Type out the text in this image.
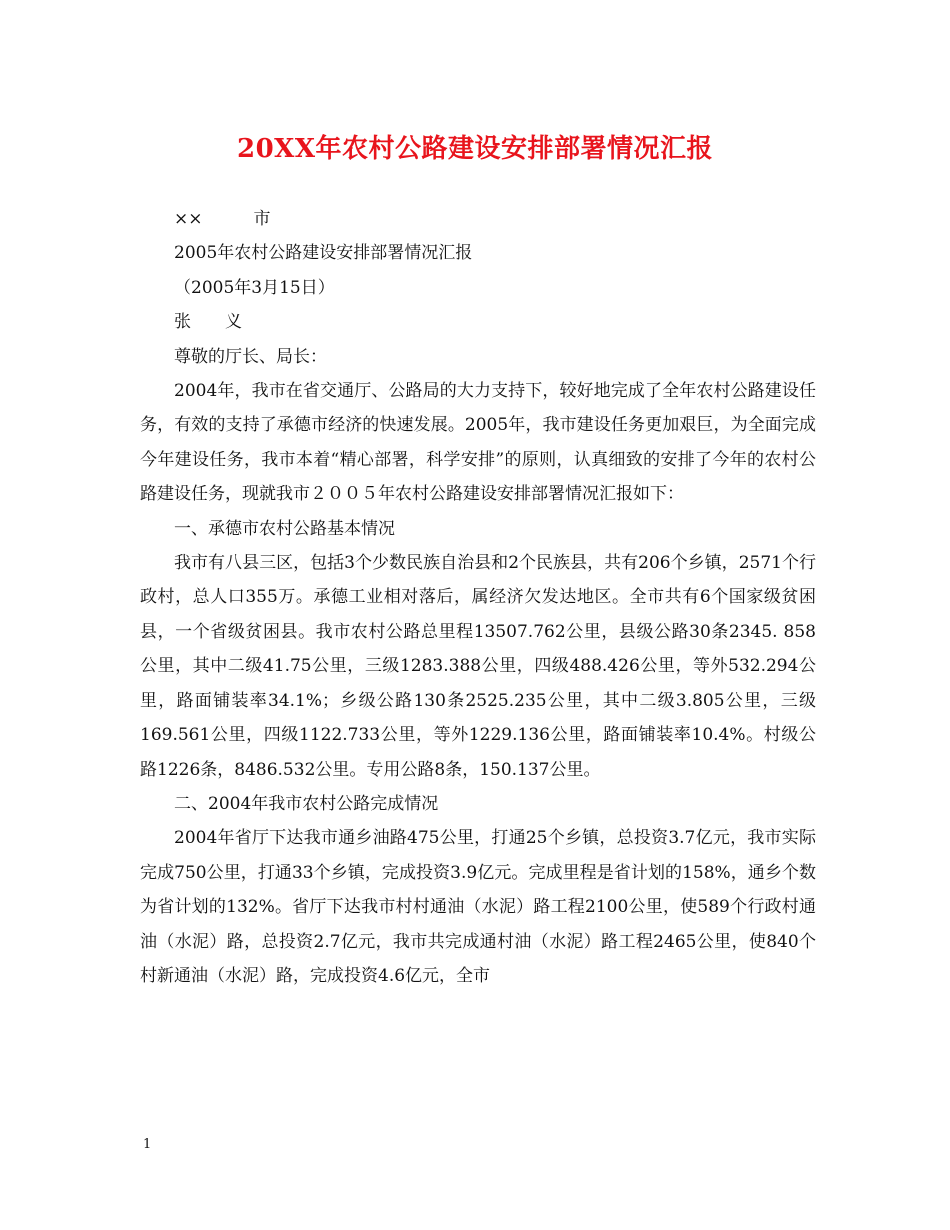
20XX年农村公路建设安排部署情况汇报

××　　　市

2005年农村公路建设安排部署情况汇报

（2005年3月15日）

张　　义

尊敬的厅长、局长：

2004年，我市在省交通厅、公路局的大力支持下，较好地完成了全年农村公路建设任务，有效的支持了承德市经济的快速发展。2005年，我市建设任务更加艰巨，为全面完成今年建设任务，我市本着“精心部署，科学安排”的原则，认真细致的安排了今年的农村公路建设任务，现就我市２００５年农村公路建设安排部署情况汇报如下：

一、承德市农村公路基本情况

我市有八县三区，包括3个少数民族自治县和2个民族县，共有206个乡镇，2571个行政村，总人口355万。承德工业相对落后，属经济欠发达地区。全市共有6个国家级贫困县，一个省级贫困县。我市农村公路总里程13507.762公里，县级公路30条2345. 858公里，其中二级41.75公里，三级1283.388公里，四级488.426公里，等外532.294公里，路面铺装率34.1%；乡级公路130条2525.235公里，其中二级3.805公里，三级169.561公里，四级1122.733公里，等外1229.136公里，路面铺装率10.4%。村级公路1226条，8486.532公里。专用公路8条，150.137公里。

二、2004年我市农村公路完成情况

2004年省厅下达我市通乡油路475公里，打通25个乡镇，总投资3.7亿元，我市实际完成750公里，打通33个乡镇，完成投资3.9亿元。完成里程是省计划的158%，通乡个数为省计划的132%。省厅下达我市村村通油（水泥）路工程2100公里，使589个行政村通油（水泥）路，总投资2.7亿元，我市共完成通村油（水泥）路工程2465公里，使840个村新通油（水泥）路，完成投资4.6亿元，全市

1
